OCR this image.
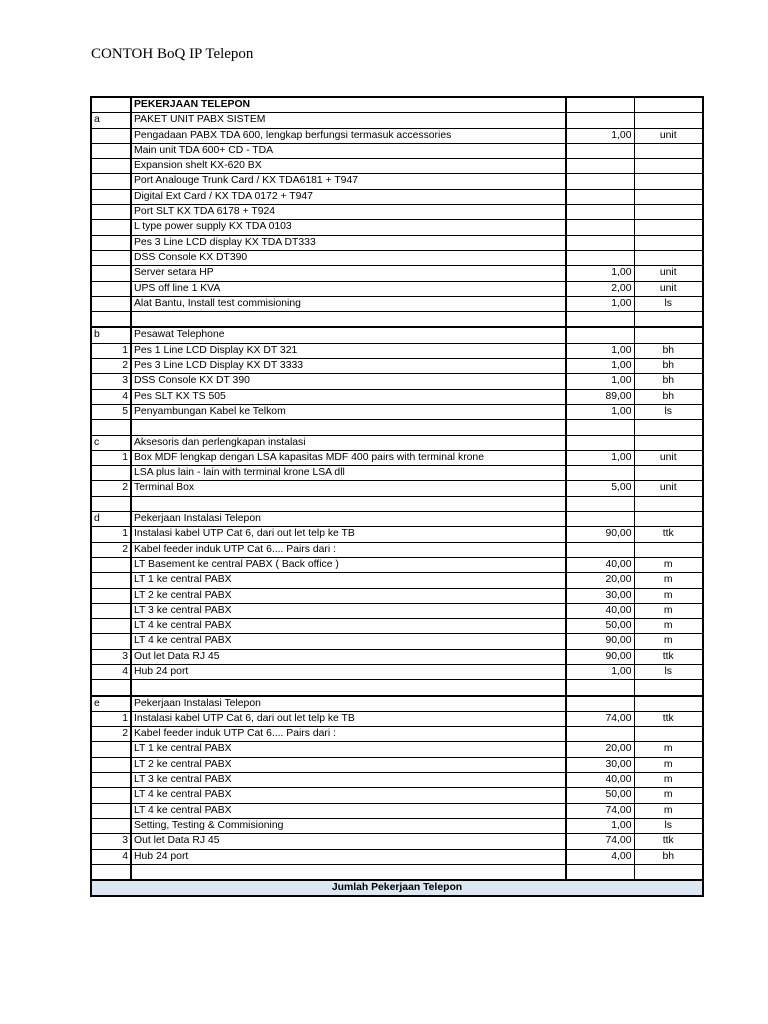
CONTOH BoQ IP Telepon
	PEKERJAAN TELEPON		
a	PAKET UNIT PABX SISTEM		
	Pengadaan PABX TDA 600, lengkap berfungsi termasuk accessories	1,00	unit
	Main unit TDA 600+ CD - TDA		
	Expansion shelt KX-620 BX		
	Port Analouge Trunk Card / KX TDA6181 + T947		
	Digital Ext Card / KX TDA 0172 + T947		
	Port SLT KX TDA 6178 + T924		
	L type power supply KX TDA 0103		
	Pes 3 Line LCD display KX TDA DT333		
	DSS Console KX DT390		
	Server setara HP	1,00	unit
	UPS off line 1 KVA	2,00	unit
	Alat Bantu, Install test commisioning	1,00	ls

b	Pesawat Telephone		
1	Pes 1 Line LCD Display KX DT 321	1,00	bh
2	Pes 3 Line LCD Display KX DT 3333	1,00	bh
3	DSS Console KX DT 390	1,00	bh
4	Pes SLT KX TS 505	89,00	bh
5	Penyambungan Kabel ke Telkom	1,00	ls

c	Aksesoris dan perlengkapan instalasi		
1	Box MDF lengkap dengan LSA kapasitas MDF 400 pairs with terminal krone	1,00	unit
	LSA plus lain - lain with terminal krone LSA dll		
2	Terminal Box	5,00	unit

d	Pekerjaan Instalasi Telepon		
1	Instalasi kabel UTP Cat 6, dari out let telp ke TB	90,00	ttk
2	Kabel feeder induk UTP Cat 6.... Pairs dari :		
	LT Basement ke central PABX ( Back office )	40,00	m
	LT 1 ke central PABX	20,00	m
	LT 2 ke central PABX	30,00	m
	LT 3 ke central PABX	40,00	m
	LT 4 ke central PABX	50,00	m
	LT 4 ke central PABX	90,00	m
3	Out let Data RJ 45	90,00	ttk
4	Hub 24 port	1,00	ls

e	Pekerjaan Instalasi Telepon		
1	Instalasi kabel UTP Cat 6, dari out let telp ke TB	74,00	ttk
2	Kabel feeder induk UTP Cat 6.... Pairs dari :		
	LT 1 ke central PABX	20,00	m
	LT 2 ke central PABX	30,00	m
	LT 3 ke central PABX	40,00	m
	LT 4 ke central PABX	50,00	m
	LT 4 ke central PABX	74,00	m
	Setting, Testing & Commisioning	1,00	ls
3	Out let Data RJ 45	74,00	ttk
4	Hub 24 port	4,00	bh

Jumlah Pekerjaan Telepon			
